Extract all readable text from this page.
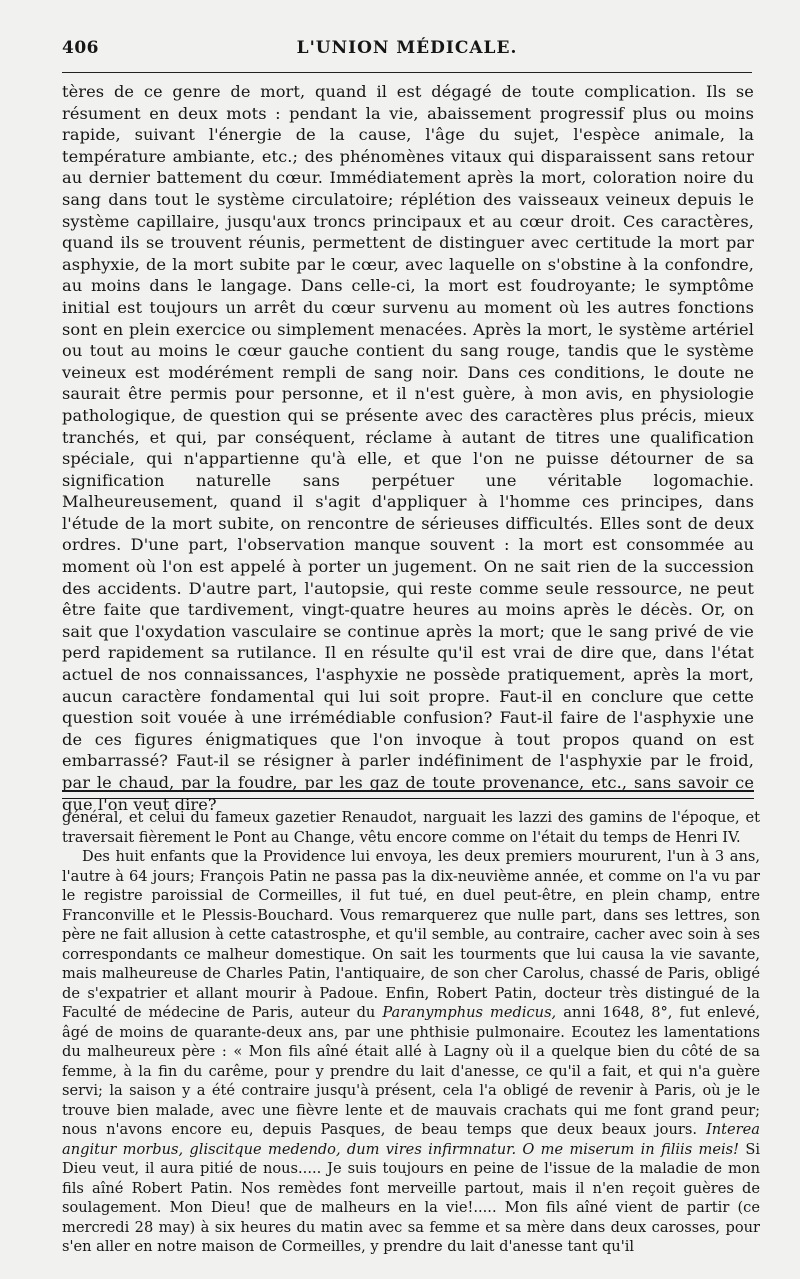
406	L'UNION MÉDICALE.

tères de ce genre de mort, quand il est dégagé de toute complication. Ils se résument en deux mots : pendant la vie, abaissement progressif plus ou moins rapide, suivant l'énergie de la cause, l'âge du sujet, l'espèce animale, la température ambiante, etc.; des phénomènes vitaux qui disparaissent sans retour au dernier battement du cœur. Immédiatement après la mort, coloration noire du sang dans tout le système circulatoire; réplétion des vaisseaux veineux depuis le système capillaire, jusqu'aux troncs principaux et au cœur droit. Ces caractères, quand ils se trouvent réunis, permettent de distinguer avec certitude la mort par asphyxie, de la mort subite par le cœur, avec laquelle on s'obstine à la confondre, au moins dans le langage. Dans celle-ci, la mort est foudroyante; le symptôme initial est toujours un arrêt du cœur survenu au moment où les autres fonctions sont en plein exercice ou simplement menacées. Après la mort, le système artériel ou tout au moins le cœur gauche contient du sang rouge, tandis que le système veineux est modérément rempli de sang noir. Dans ces conditions, le doute ne saurait être permis pour personne, et il n'est guère, à mon avis, en physiologie pathologique, de question qui se présente avec des caractères plus précis, mieux tranchés, et qui, par conséquent, réclame à autant de titres une qualification spéciale, qui n'appartienne qu'à elle, et que l'on ne puisse détourner de sa signification naturelle sans perpétuer une véritable logomachie. Malheureusement, quand il s'agit d'appliquer à l'homme ces principes, dans l'étude de la mort subite, on rencontre de sérieuses difficultés. Elles sont de deux ordres. D'une part, l'observation manque souvent : la mort est consommée au moment où l'on est appelé à porter un jugement. On ne sait rien de la succession des accidents. D'autre part, l'autopsie, qui reste comme seule ressource, ne peut être faite que tardivement, vingt-quatre heures au moins après le décès. Or, on sait que l'oxydation vasculaire se continue après la mort; que le sang privé de vie perd rapidement sa rutilance. Il en résulte qu'il est vrai de dire que, dans l'état actuel de nos connaissances, l'asphyxie ne possède pratiquement, après la mort, aucun caractère fondamental qui lui soit propre. Faut-il en conclure que cette question soit vouée à une irrémédiable confusion? Faut-il faire de l'asphyxie une de ces figures énigmatiques que l'on invoque à tout propos quand on est embarrassé? Faut-il se résigner à parler indéfiniment de l'asphyxie par le froid, par le chaud, par la foudre, par les gaz de toute provenance, etc., sans savoir ce que l'on veut dire?

général, et celui du fameux gazetier Renaudot, narguait les lazzi des gamins de l'époque, et traversait fièrement le Pont au Change, vêtu encore comme on l'était du temps de Henri IV.

Des huit enfants que la Providence lui envoya, les deux premiers moururent, l'un à 3 ans, l'autre à 64 jours; François Patin ne passa pas la dix-neuvième année, et comme on l'a vu par le registre paroissial de Cormeilles, il fut tué, en duel peut-être, en plein champ, entre Franconville et le Plessis-Bouchard. Vous remarquerez que nulle part, dans ses lettres, son père ne fait allusion à cette catastrosphe, et qu'il semble, au contraire, cacher avec soin à ses correspondants ce malheur domestique. On sait les tourments que lui causa la vie savante, mais malheureuse de Charles Patin, l'antiquaire, de son cher Carolus, chassé de Paris, obligé de s'expatrier et allant mourir à Padoue. Enfin, Robert Patin, docteur très distingué de la Faculté de médecine de Paris, auteur du Paranymphus medicus, anni 1648, 8°, fut enlevé, âgé de moins de quarante-deux ans, par une phthisie pulmonaire. Ecoutez les lamentations du malheureux père : « Mon fils aîné était allé à Lagny où il a quelque bien du côté de sa femme, à la fin du carême, pour y prendre du lait d'anesse, ce qu'il a fait, et qui n'a guère servi; la saison y a été contraire jusqu'à présent, cela l'a obligé de revenir à Paris, où je le trouve bien malade, avec une fièvre lente et de mauvais crachats qui me font grand peur; nous n'avons encore eu, depuis Pasques, de beau temps que deux beaux jours. Interea angitur morbus, gliscitque medendo, dum vires infirmnatur. O me miserum in filiis meis! Si Dieu veut, il aura pitié de nous..... Je suis toujours en peine de l'issue de la maladie de mon fils aîné Robert Patin. Nos remèdes font merveille partout, mais il n'en reçoit guères de soulagement. Mon Dieu! que de malheurs en la vie!..... Mon fils aîné vient de partir (ce mercredi 28 may) à six heures du matin avec sa femme et sa mère dans deux carosses, pour s'en aller en notre maison de Cormeilles, y prendre du lait d'anesse tant qu'il
